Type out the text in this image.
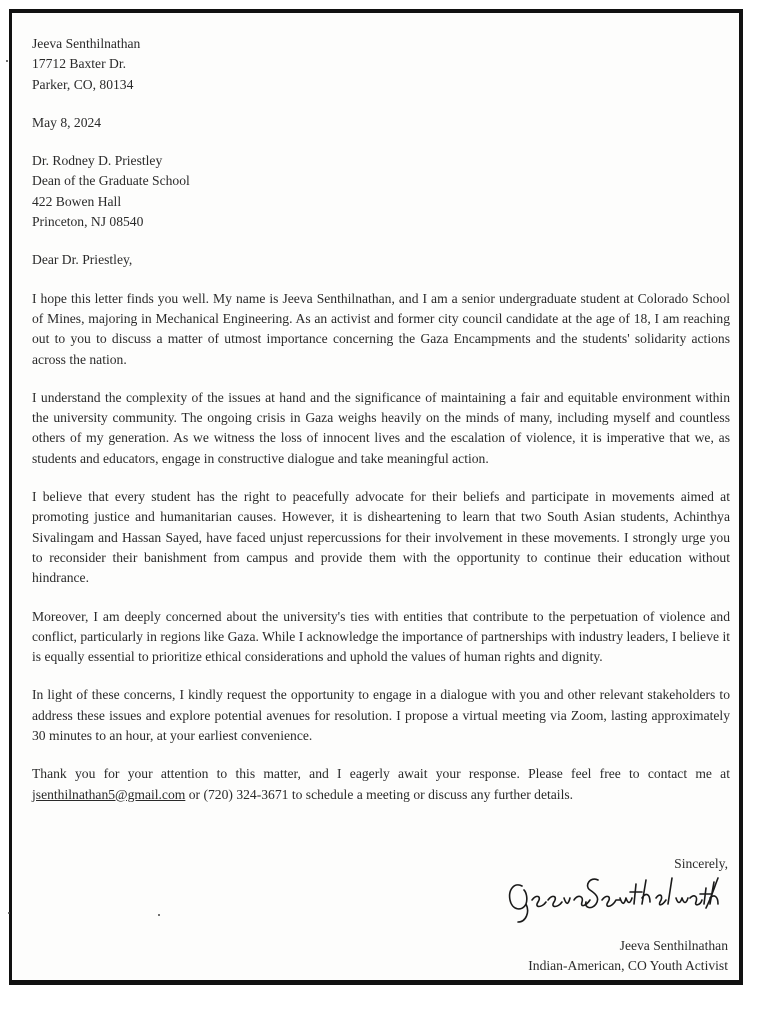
Jeeva Senthilnathan
17712 Baxter Dr.
Parker, CO, 80134
May 8, 2024
Dr. Rodney D. Priestley
Dean of the Graduate School
422 Bowen Hall
Princeton, NJ 08540
Dear Dr. Priestley,

I hope this letter finds you well. My name is Jeeva Senthilnathan, and I am a senior undergraduate student at Colorado School of Mines, majoring in Mechanical Engineering. As an activist and former city council candidate at the age of 18, I am reaching out to you to discuss a matter of utmost importance concerning the Gaza Encampments and the students' solidarity actions across the nation.

I understand the complexity of the issues at hand and the significance of maintaining a fair and equitable environment within the university community. The ongoing crisis in Gaza weighs heavily on the minds of many, including myself and countless others of my generation. As we witness the loss of innocent lives and the escalation of violence, it is imperative that we, as students and educators, engage in constructive dialogue and take meaningful action.

I believe that every student has the right to peacefully advocate for their beliefs and participate in movements aimed at promoting justice and humanitarian causes. However, it is disheartening to learn that two South Asian students, Achinthya Sivalingam and Hassan Sayed, have faced unjust repercussions for their involvement in these movements. I strongly urge you to reconsider their banishment from campus and provide them with the opportunity to continue their education without hindrance.

Moreover, I am deeply concerned about the university's ties with entities that contribute to the perpetuation of violence and conflict, particularly in regions like Gaza. While I acknowledge the importance of partnerships with industry leaders, I believe it is equally essential to prioritize ethical considerations and uphold the values of human rights and dignity.

In light of these concerns, I kindly request the opportunity to engage in a dialogue with you and other relevant stakeholders to address these issues and explore potential avenues for resolution. I propose a virtual meeting via Zoom, lasting approximately 30 minutes to an hour, at your earliest convenience.

Thank you for your attention to this matter, and I eagerly await your response. Please feel free to contact me at jsenthilnathan5@gmail.com or (720) 324-3671 to schedule a meeting or discuss any further details.

Sincerely,
Jeeva Senthilnathan
Indian-American, CO Youth Activist
